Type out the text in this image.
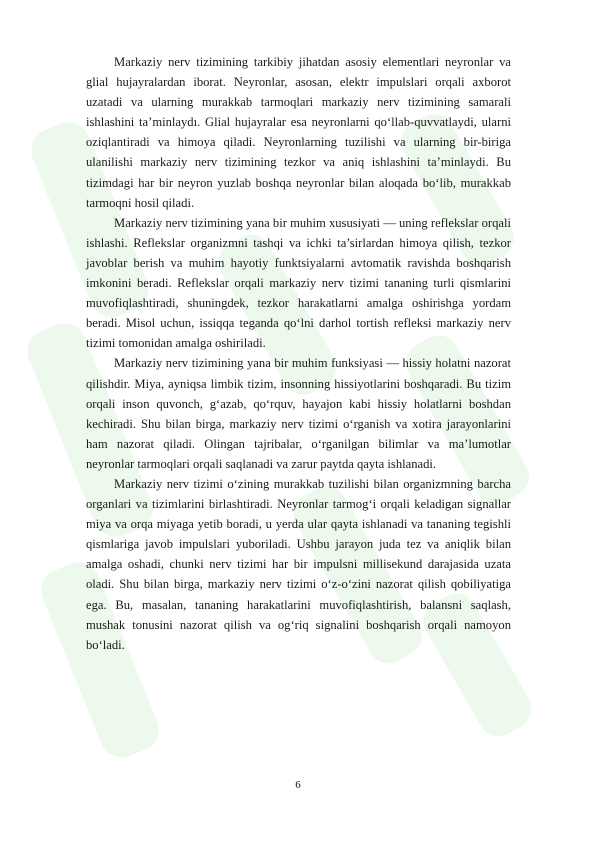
Markaziy nerv tizimining tarkibiy jihatdan asosiy elementlari neyronlar va glial hujayralardan iborat. Neyronlar, asosan, elektr impulslari orqali axborot uzatadi va ularning murakkab tarmoqlari markaziy nerv tizimining samarali ishlashini ta’minlaydı. Glial hujayralar esa neyronlarni qo‘llab-quvvatlaydi, ularni oziqlantiradi va himoya qiladi. Neyronlarning tuzilishi va ularning bir-biriga ulanilishi markaziy nerv tizimining tezkor va aniq ishlashini ta’minlaydi. Bu tizimdagi har bir neyron yuzlab boshqa neyronlar bilan aloqada bo‘lib, murakkab tarmoqni hosil qiladi.

Markaziy nerv tizimining yana bir muhim xususiyati — uning reflekslar orqali ishlashi. Reflekslar organizmni tashqi va ichki ta’sirlardan himoya qilish, tezkor javoblar berish va muhim hayotiy funktsiyalarni avtomatik ravishda boshqarish imkonini beradi. Reflekslar orqali markaziy nerv tizimi tananing turli qismlarini muvofiqlashtiradi, shuningdek, tezkor harakatlarni amalga oshirishga yordam beradi. Misol uchun, issiqqa teganda qo‘lni darhol tortish refleksi markaziy nerv tizimi tomonidan amalga oshiriladi.

Markaziy nerv tizimining yana bir muhim funksiyasi — hissiy holatni nazorat qilishdir. Miya, ayniqsa limbik tizim, insonning hissiyotlarini boshqaradi. Bu tizim orqali inson quvonch, g‘azab, qo‘rquv, hayajon kabi hissiy holatlarni boshdan kechiradi. Shu bilan birga, markaziy nerv tizimi o‘rganish va xotira jarayonlarini ham nazorat qiladi. Olingan tajribalar, o‘rganilgan bilimlar va ma’lumotlar neyronlar tarmoqlari orqali saqlanadi va zarur paytda qayta ishlanadi.

Markaziy nerv tizimi o‘zining murakkab tuzilishi bilan organizmning barcha organlari va tizimlarini birlashtiradi. Neyronlar tarmog‘i orqali keladigan signallar miya va orqa miyaga yetib boradi, u yerda ular qayta ishlanadi va tananing tegishli qismlariga javob impulslari yuboriladi. Ushbu jarayon juda tez va aniqlik bilan amalga oshadi, chunki nerv tizimi har bir impulsni millisekund darajasida uzata oladi. Shu bilan birga, markaziy nerv tizimi o‘z-o‘zini nazorat qilish qobiliyatiga ega. Bu, masalan, tananing harakatlarini muvofiqlashtirish, balansni saqlash, mushak tonusini nazorat qilish va og‘riq signalini boshqarish orqali namoyon bo‘ladi.

6
